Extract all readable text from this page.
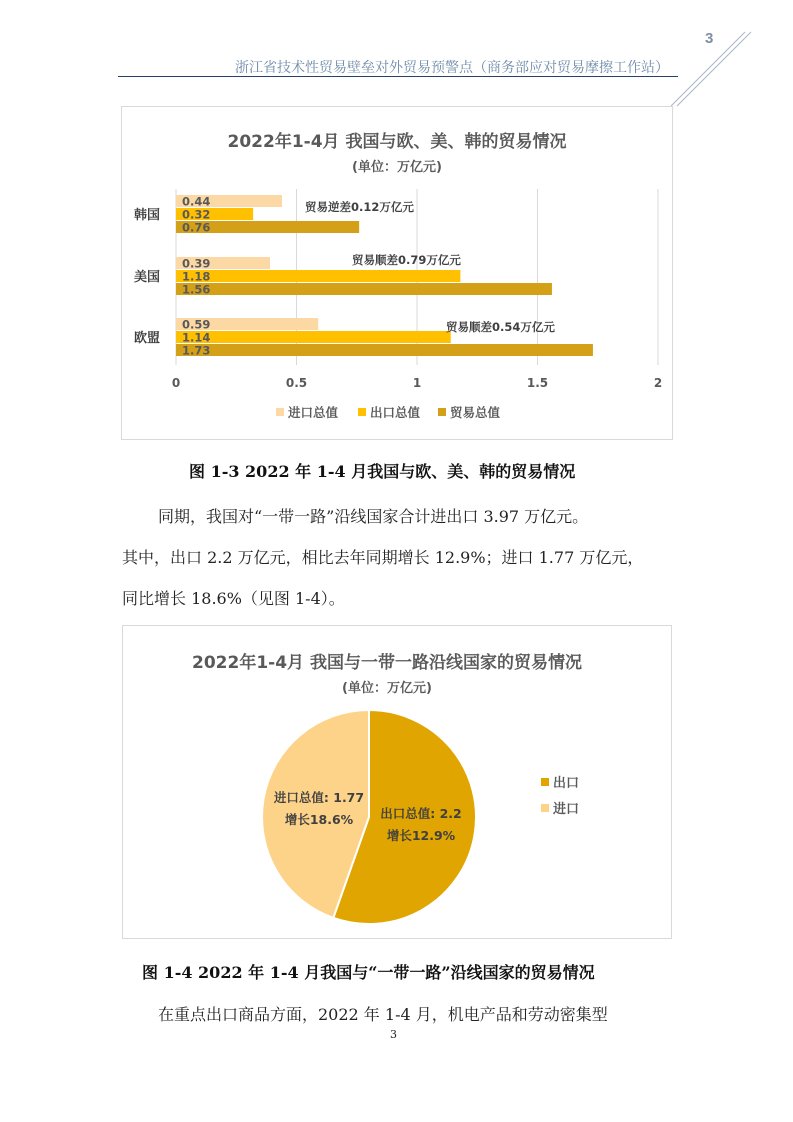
3
浙江省技术性贸易壁垒对外贸易预警点（商务部应对贸易摩擦工作站）
2022年1-4月 我国与欧、美、韩的贸易情况
(单位：万亿元)
0	0.5	1	1.5	2
韩国
0.44
0.32
0.76
美国
0.39
1.18
1.56
欧盟
0.59
1.14
1.73
贸易逆差0.12万亿元
贸易顺差0.79万亿元
贸易顺差0.54万亿元
进口总值	出口总值 贸易总值
图 1-3 2022 年 1-4 月我国与欧、美、韩的贸易情况
同期，我国对“一带一路”沿线国家合计进出口 3.97 万亿元。
其中，出口 2.2 万亿元，相比去年同期增长 12.9%；进口 1.77 万亿元，
同比增长 18.6%（见图 1-4）。
2022年1-4月 我国与一带一路沿线国家的贸易情况
(单位：万亿元)
出口总值: 2.2
增长12.9%
进口总值: 1.77
增长18.6%
出口
进口
图 1-4 2022 年 1-4 月我国与“一带一路”沿线国家的贸易情况
在重点出口商品方面，2022 年 1-4 月，机电产品和劳动密集型
3
